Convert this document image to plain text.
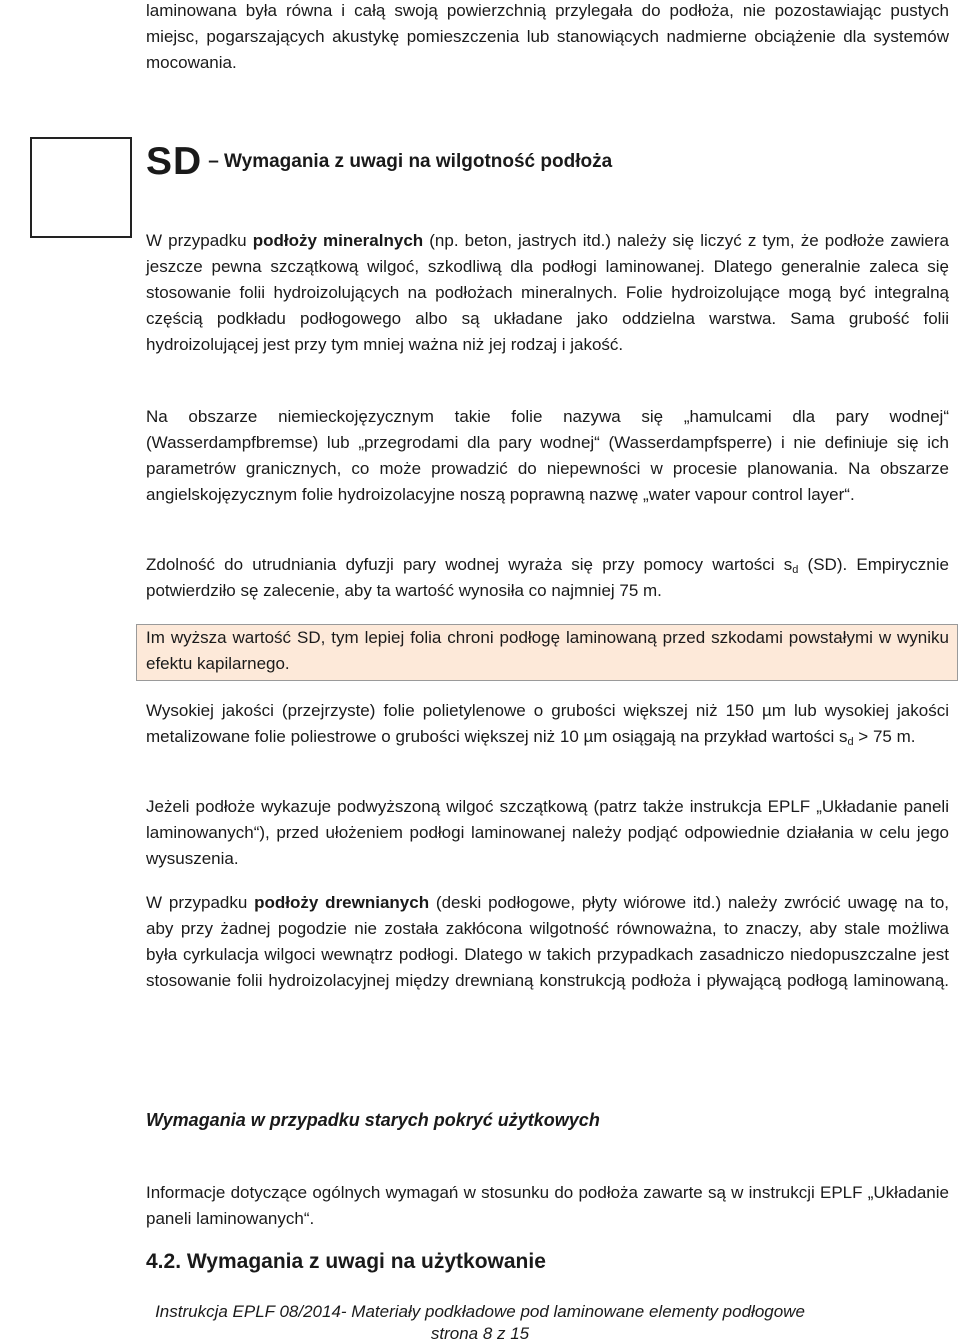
laminowana była równa i całą swoją powierzchnią przylegała do podłoża, nie pozostawiając pustych miejsc, pogarszających akustykę pomieszczenia lub stanowiących nadmierne obciążenie dla systemów mocowania.

SD – Wymagania z uwagi na wilgotność podłoża

W przypadku podłoży mineralnych (np. beton, jastrych itd.) należy się liczyć z tym, że podłoże zawiera jeszcze pewna szczątkową wilgoć, szkodliwą dla podłogi laminowanej. Dlatego generalnie zaleca się stosowanie folii hydroizolujących na podłożach mineralnych. Folie hydroizolujące mogą być integralną częścią podkładu podłogowego albo są układane jako oddzielna warstwa. Sama grubość folii hydroizolującej jest przy tym mniej ważna niż jej rodzaj i jakość.

Na obszarze niemieckojęzycznym takie folie nazywa się „hamulcami dla pary wodnej“ (Wasserdampfbremse) lub „przegrodami dla pary wodnej“ (Wasserdampfsperre) i nie definiuje się ich parametrów granicznych, co może prowadzić do niepewności w procesie planowania. Na obszarze angielskojęzycznym folie hydroizolacyjne noszą poprawną nazwę „water vapour control layer“.

Zdolność do utrudniania dyfuzji pary wodnej wyraża się przy pomocy wartości $s_d$ (SD). Empirycznie potwierdziło sę zalecenie, aby ta wartość wynosiła co najmniej 75 m.

Im wyższa wartość SD, tym lepiej folia chroni podłogę laminowaną przed szkodami powstałymi w wyniku efektu kapilarnego.

Wysokiej jakości (przejrzyste) folie polietylenowe o grubości większej niż 150 µm lub wysokiej jakości metalizowane folie poliestrowe o grubości większej niż 10 µm osiągają na przykład wartości $s_d > 75$ m.

Jeżeli podłoże wykazuje podwyższoną wilgoć szczątkową (patrz także instrukcja EPLF „Układanie paneli laminowanych“), przed ułożeniem podłogi laminowanej należy podjąć odpowiednie działania w celu jego wysuszenia.

W przypadku podłoży drewnianych (deski podłogowe, płyty wiórowe itd.) należy zwrócić uwagę na to, aby przy żadnej pogodzie nie została zakłócona wilgotność równoważna, to znaczy, aby stale możliwa była cyrkulacja wilgoci wewnątrz podłogi. Dlatego w takich przypadkach zasadniczo niedopuszczalne jest stosowanie folii hydroizolacyjnej między drewnianą konstrukcją podłoża i pływającą podłogą laminowaną.

Wymagania w przypadku starych pokryć użytkowych

Informacje dotyczące ogólnych wymagań w stosunku do podłoża zawarte są w instrukcji EPLF „Układanie paneli laminowanych“.

4.2. Wymagania z uwagi na użytkowanie
Instrukcja EPLF 08/2014- Materiały podkładowe pod laminowane elementy podłogowe
strona 8 z 15
